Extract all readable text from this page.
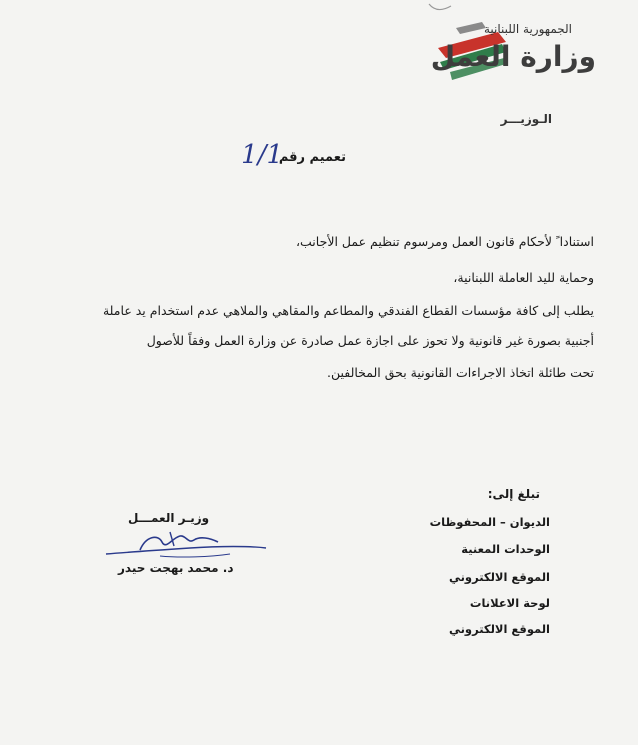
الجمهورية اللبنانية
وزارة العمل
الـوزيـــر
تعميم رقم
1/1
استنادا ً لأحكام قانون العمل ومرسوم تنظيم عمل الأجانب،
وحماية لليد العاملة اللبنانية،
يطلب إلى كافة مؤسسات القطاع الفندقي والمطاعم والمقاهي والملاهي عدم استخدام يد عاملة
أجنبية بصورة غير قانونية ولا تحوز على اجازة عمل صادرة عن وزارة العمل وفقاً للأصول
تحت طائلة اتخاذ الاجراءات القانونية بحق المخالفين.
تبلغ إلى:
الديوان – المحفوظات
الوحدات المعنية
الموقع الالكتروني
لوحة الاعلانات
الموقع الالكتروني
وزيـر العمـــل
د. محمد بهجت حيدر
